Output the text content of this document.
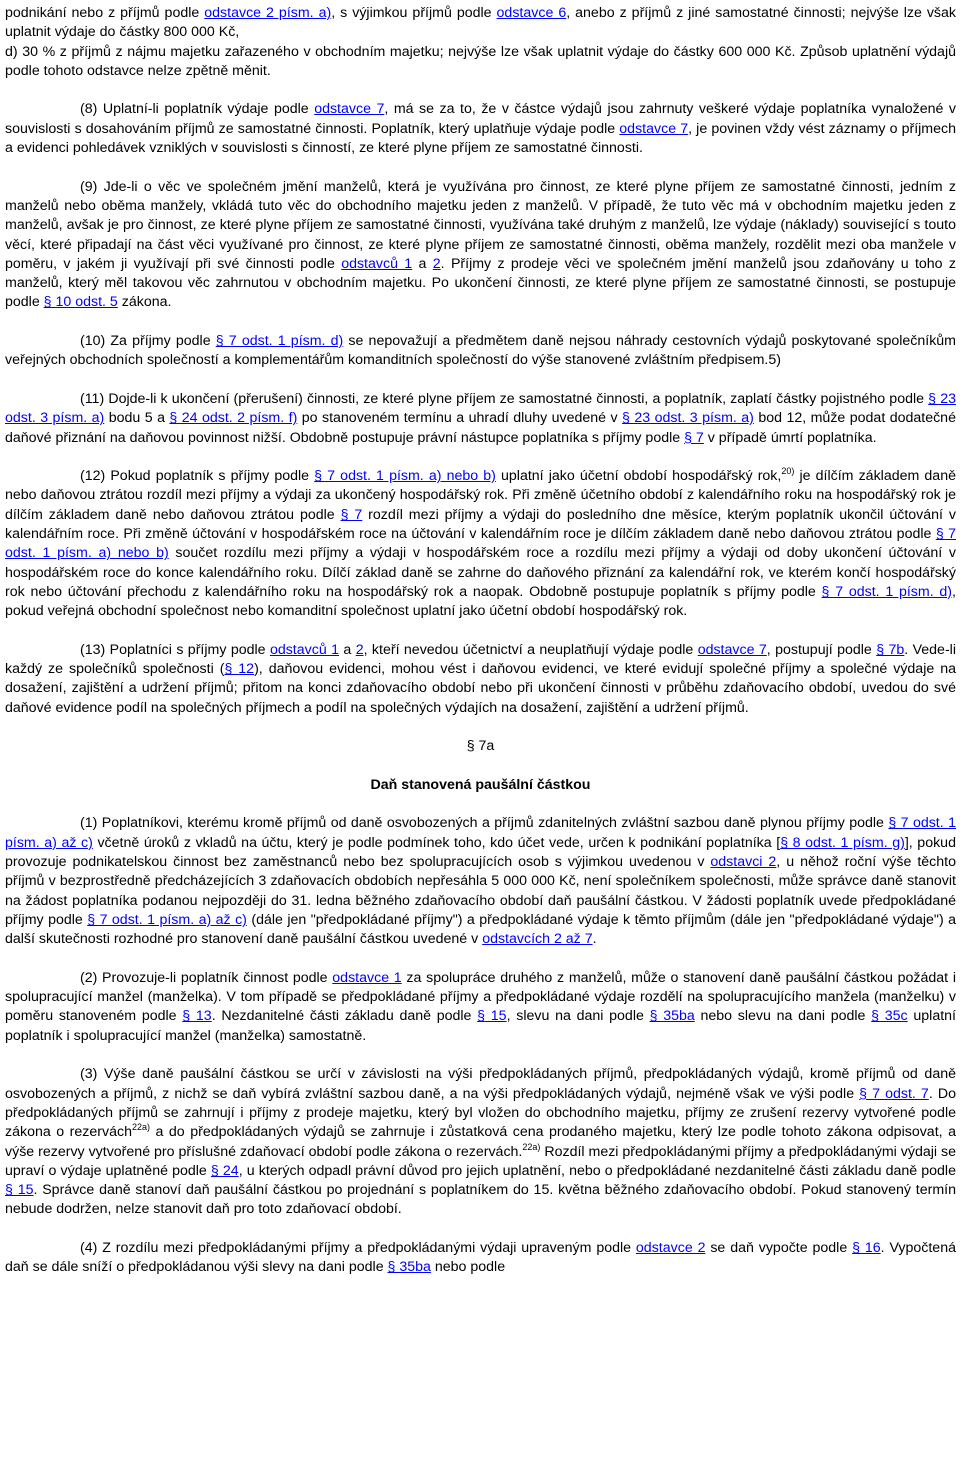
podnikání nebo z příjmů podle odstavce 2 písm. a), s výjimkou příjmů podle odstavce 6, anebo z příjmů z jiné samostatné činnosti; nejvýše lze však uplatnit výdaje do částky 800 000 Kč,

d) 30 % z příjmů z nájmu majetku zařazeného v obchodním majetku; nejvýše lze však uplatnit výdaje do částky 600 000 Kč. Způsob uplatnění výdajů podle tohoto odstavce nelze zpětně měnit.

(8) Uplatní-li poplatník výdaje podle odstavce 7, má se za to, že v částce výdajů jsou zahrnuty veškeré výdaje poplatníka vynaložené v souvislosti s dosahováním příjmů ze samostatné činnosti. Poplatník, který uplatňuje výdaje podle odstavce 7, je povinen vždy vést záznamy o příjmech a evidenci pohledávek vzniklých v souvislosti s činností, ze které plyne příjem ze samostatné činnosti.

(9) Jde-li o věc ve společném jmění manželů, která je využívána pro činnost, ze které plyne příjem ze samostatné činnosti, jedním z manželů nebo oběma manžely, vkládá tuto věc do obchodního majetku jeden z manželů. V případě, že tuto věc má v obchodním majetku jeden z manželů, avšak je pro činnost, ze které plyne příjem ze samostatné činnosti, využívána také druhým z manželů, lze výdaje (náklady) související s touto věcí, které připadají na část věci využívané pro činnost, ze které plyne příjem ze samostatné činnosti, oběma manžely, rozdělit mezi oba manžele v poměru, v jakém ji využívají při své činnosti podle odstavců 1 a 2. Příjmy z prodeje věci ve společném jmění manželů jsou zdaňovány u toho z manželů, který měl takovou věc zahrnutou v obchodním majetku. Po ukončení činnosti, ze které plyne příjem ze samostatné činnosti, se postupuje podle § 10 odst. 5 zákona.

(10) Za příjmy podle § 7 odst. 1 písm. d) se nepovažují a předmětem daně nejsou náhrady cestovních výdajů poskytované společníkům veřejných obchodních společností a komplementářům komanditních společností do výše stanovené zvláštním předpisem.5)

(11) Dojde-li k ukončení (přerušení) činnosti, ze které plyne příjem ze samostatné činnosti, a poplatník, zaplatí částky pojistného podle § 23 odst. 3 písm. a) bodu 5 a § 24 odst. 2 písm. f) po stanoveném termínu a uhradí dluhy uvedené v § 23 odst. 3 písm. a) bod 12, může podat dodatečné daňové přiznání na daňovou povinnost nižší. Obdobně postupuje právní nástupce poplatníka s příjmy podle § 7 v případě úmrtí poplatníka.

(12) Pokud poplatník s příjmy podle § 7 odst. 1 písm. a) nebo b) uplatní jako účetní období hospodářský rok,$^{20)}$ je dílčím základem daně nebo daňovou ztrátou rozdíl mezi příjmy a výdaji za ukončený hospodářský rok. Při změně účetního období z kalendářního roku na hospodářský rok je dílčím základem daně nebo daňovou ztrátou podle § 7 rozdíl mezi příjmy a výdaji do posledního dne měsíce, kterým poplatník ukončil účtování v kalendářním roce. Při změně účtování v hospodářském roce na účtování v kalendářním roce je dílčím základem daně nebo daňovou ztrátou podle § 7 odst. 1 písm. a) nebo b) součet rozdílu mezi příjmy a výdaji v hospodářském roce a rozdílu mezi příjmy a výdaji od doby ukončení účtování v hospodářském roce do konce kalendářního roku. Dílčí základ daně se zahrne do daňového přiznání za kalendářní rok, ve kterém končí hospodářský rok nebo účtování přechodu z kalendářního roku na hospodářský rok a naopak. Obdobně postupuje poplatník s příjmy podle § 7 odst. 1 písm. d), pokud veřejná obchodní společnost nebo komanditní společnost uplatní jako účetní období hospodářský rok.

(13) Poplatníci s příjmy podle odstavců 1 a 2, kteří nevedou účetnictví a neuplatňují výdaje podle odstavce 7, postupují podle § 7b. Vede-li každý ze společníků společnosti (§ 12), daňovou evidenci, mohou vést i daňovou evidenci, ve které evidují společné příjmy a společné výdaje na dosažení, zajištění a udržení příjmů; přitom na konci zdaňovacího období nebo při ukončení činnosti v průběhu zdaňovacího období, uvedou do své daňové evidence podíl na společných příjmech a podíl na společných výdajích na dosažení, zajištění a udržení příjmů.

§ 7a

Daň stanovená paušální částkou

(1) Poplatníkovi, kterému kromě příjmů od daně osvobozených a příjmů zdanitelných zvláštní sazbou daně plynou příjmy podle § 7 odst. 1 písm. a) až c) včetně úroků z vkladů na účtu, který je podle podmínek toho, kdo účet vede, určen k podnikání poplatníka [§ 8 odst. 1 písm. g)], pokud provozuje podnikatelskou činnost bez zaměstnanců nebo bez spolupracujících osob s výjimkou uvedenou v odstavci 2, u něhož roční výše těchto příjmů v bezprostředně předcházejících 3 zdaňovacích obdobích nepřesáhla 5 000 000 Kč, není společníkem společnosti, může správce daně stanovit na žádost poplatníka podanou nejpozději do 31. ledna běžného zdaňovacího období daň paušální částkou. V žádosti poplatník uvede předpokládané příjmy podle § 7 odst. 1 písm. a) až c) (dále jen "předpokládané příjmy") a předpokládané výdaje k těmto příjmům (dále jen "předpokládané výdaje") a další skutečnosti rozhodné pro stanovení daně paušální částkou uvedené v odstavcích 2 až 7.

(2) Provozuje-li poplatník činnost podle odstavce 1 za spolupráce druhého z manželů, může o stanovení daně paušální částkou požádat i spolupracující manžel (manželka). V tom případě se předpokládané příjmy a předpokládané výdaje rozdělí na spolupracujícího manžela (manželku) v poměru stanoveném podle § 13. Nezdanitelné části základu daně podle § 15, slevu na dani podle § 35ba nebo slevu na dani podle § 35c uplatní poplatník i spolupracující manžel (manželka) samostatně.

(3) Výše daně paušální částkou se určí v závislosti na výši předpokládaných příjmů, předpokládaných výdajů, kromě příjmů od daně osvobozených a příjmů, z nichž se daň vybírá zvláštní sazbou daně, a na výši předpokládaných výdajů, nejméně však ve výši podle § 7 odst. 7. Do předpokládaných příjmů se zahrnují i příjmy z prodeje majetku, který byl vložen do obchodního majetku, příjmy ze zrušení rezervy vytvořené podle zákona o rezervách$^{22a)}$ a do předpokládaných výdajů se zahrnuje i zůstatková cena prodaného majetku, který lze podle tohoto zákona odpisovat, a výše rezervy vytvořené pro příslušné zdaňovací období podle zákona o rezervách.$^{22a)}$ Rozdíl mezi předpokládanými příjmy a předpokládanými výdaji se upraví o výdaje uplatněné podle § 24, u kterých odpadl právní důvod pro jejich uplatnění, nebo o předpokládané nezdanitelné části základu daně podle § 15. Správce daně stanoví daň paušální částkou po projednání s poplatníkem do 15. května běžného zdaňovacího období. Pokud stanovený termín nebude dodržen, nelze stanovit daň pro toto zdaňovací období.

(4) Z rozdílu mezi předpokládanými příjmy a předpokládanými výdaji upraveným podle odstavce 2 se daň vypočte podle § 16. Vypočtená daň se dále sníží o předpokládanou výši slevy na dani podle § 35ba nebo podle
